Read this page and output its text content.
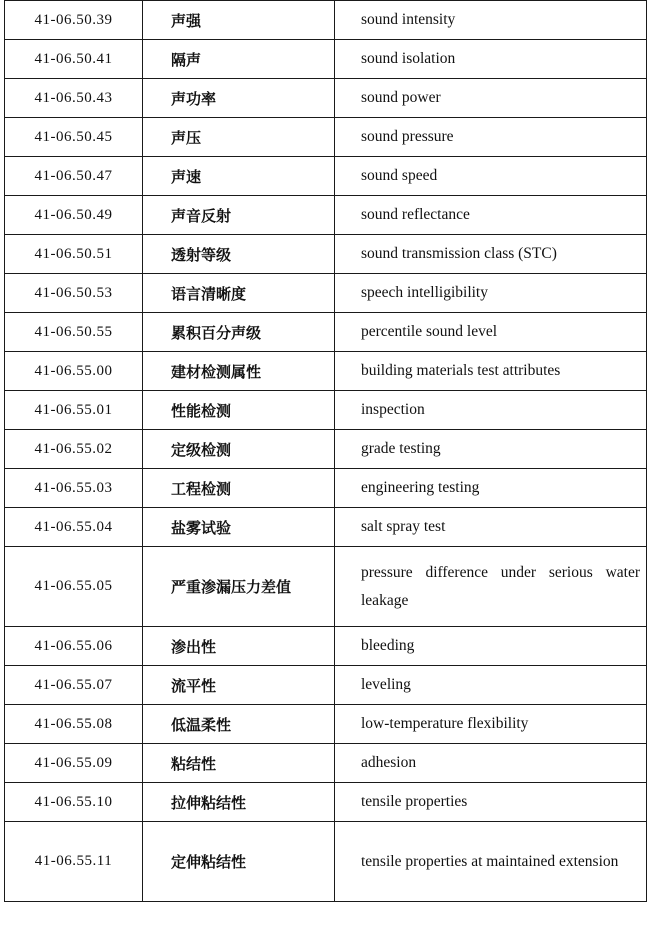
41-06.50.39	声强	sound intensity
41-06.50.41	隔声	sound isolation
41-06.50.43	声功率	sound power
41-06.50.45	声压	sound pressure
41-06.50.47	声速	sound speed
41-06.50.49	声音反射	sound reflectance
41-06.50.51	透射等级	sound transmission class (STC)
41-06.50.53	语言清晰度	speech intelligibility
41-06.50.55	累积百分声级	percentile sound level
41-06.55.00	建材检测属性	building materials test attributes
41-06.55.01	性能检测	inspection
41-06.55.02	定级检测	grade testing
41-06.55.03	工程检测	engineering testing
41-06.55.04	盐雾试验	salt spray test
41-06.55.05	严重渗漏压力差值	pressure difference under serious water leakage
41-06.55.06	渗出性	bleeding
41-06.55.07	流平性	leveling
41-06.55.08	低温柔性	low-temperature flexibility
41-06.55.09	粘结性	adhesion
41-06.55.10	拉伸粘结性	tensile properties
41-06.55.11	定伸粘结性	tensile properties at maintained extension
